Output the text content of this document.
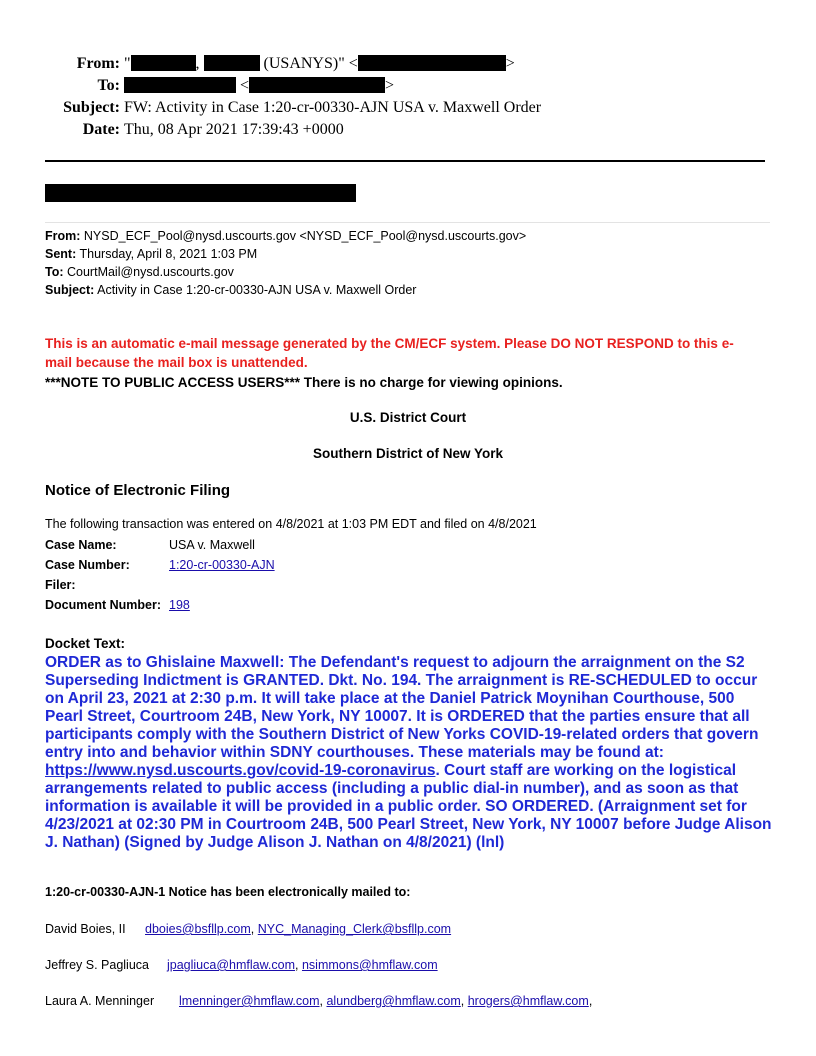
From: "	,	(USANYS)" <	>
To:	<	>
Subject: FW: Activity in Case 1:20-cr-00330-AJN USA v. Maxwell Order
Date: Thu, 08 Apr 2021 17:39:43 +0000
From: NYSD_ECF_Pool@nysd.uscourts.gov <NYSD_ECF_Pool@nysd.uscourts.gov>
Sent: Thursday, April 8, 2021 1:03 PM
To: CourtMail@nysd.uscourts.gov
Subject: Activity in Case 1:20-cr-00330-AJN USA v. Maxwell Order
This is an automatic e-mail message generated by the CM/ECF system. Please DO NOT RESPOND to this e-mail because the mail box is unattended.
***NOTE TO PUBLIC ACCESS USERS*** There is no charge for viewing opinions.
U.S. District Court
Southern District of New York
Notice of Electronic Filing
The following transaction was entered on 4/8/2021 at 1:03 PM EDT and filed on 4/8/2021
Case Name:	USA v. Maxwell
Case Number:	1:20-cr-00330-AJN
Filer:	
Document Number:	198
Docket Text:
ORDER as to Ghislaine Maxwell: The Defendant's request to adjourn the arraignment on the S2 Superseding Indictment is GRANTED. Dkt. No. 194. The arraignment is RE-SCHEDULED to occur on April 23, 2021 at 2:30 p.m. It will take place at the Daniel Patrick Moynihan Courthouse, 500 Pearl Street, Courtroom 24B, New York, NY 10007. It is ORDERED that the parties ensure that all participants comply with the Southern District of New Yorks COVID-19-related orders that govern entry into and behavior within SDNY courthouses. These materials may be found at: https://www.nysd.uscourts.gov/covid-19-coronavirus. Court staff are working on the logistical arrangements related to public access (including a public dial-in number), and as soon as that information is available it will be provided in a public order. SO ORDERED. (Arraignment set for 4/23/2021 at 02:30 PM in Courtroom 24B, 500 Pearl Street, New York, NY 10007 before Judge Alison J. Nathan) (Signed by Judge Alison J. Nathan on 4/8/2021) (lnl)
1:20-cr-00330-AJN-1 Notice has been electronically mailed to:
David Boies, II dboies@bsfllp.com, NYC_Managing_Clerk@bsfllp.com
Jeffrey S. Pagliuca jpagliuca@hmflaw.com, nsimmons@hmflaw.com
Laura A. Menninger lmenninger@hmflaw.com, alundberg@hmflaw.com, hrogers@hmflaw.com,
